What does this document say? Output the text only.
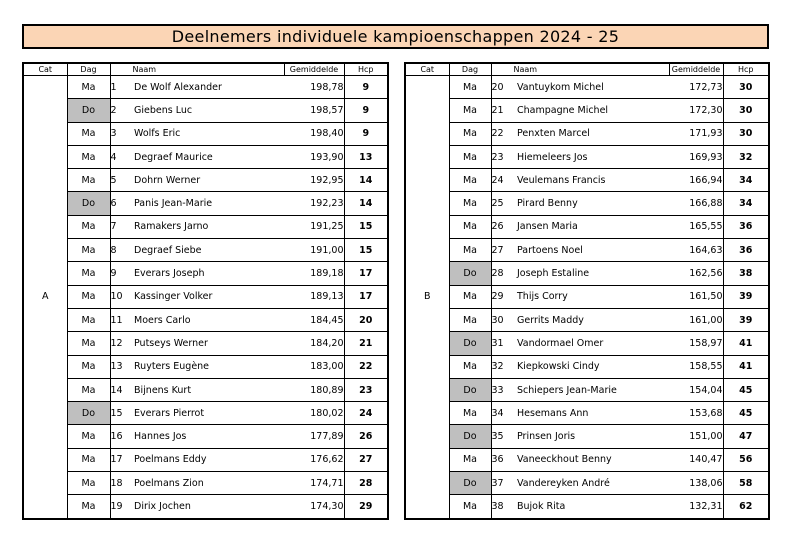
Deelnemers individuele kampioenschappen 2024 - 25
Cat	Dag	Naam		Gemiddelde	Hcp
A	Ma	1	De Wolf Alexander	198,78	9
	Do	2	Giebens Luc	198,57	9
	Ma	3	Wolfs Eric	198,40	9
	Ma	4	Degraef Maurice	193,90	13
	Ma	5	Dohrn Werner	192,95	14
	Do	6	Panis Jean-Marie	192,23	14
	Ma	7	Ramakers Jarno	191,25	15
	Ma	8	Degraef Siebe	191,00	15
	Ma	9	Everars Joseph	189,18	17
	Ma	10	Kassinger Volker	189,13	17
	Ma	11	Moers Carlo	184,45	20
	Ma	12	Putseys Werner	184,20	21
	Ma	13	Ruyters Eugène	183,00	22
	Ma	14	Bijnens Kurt	180,89	23
	Do	15	Everars Pierrot	180,02	24
	Ma	16	Hannes Jos	177,89	26
	Ma	17	Poelmans Eddy	176,62	27
	Ma	18	Poelmans Zion	174,71	28
	Ma	19	Dirix Jochen	174,30	29
Cat	Dag	Naam		Gemiddelde	Hcp
B	Ma	20	Vantuykom Michel	172,73	30
	Ma	21	Champagne Michel	172,30	30
	Ma	22	Penxten Marcel	171,93	30
	Ma	23	Hiemeleers Jos	169,93	32
	Ma	24	Veulemans Francis	166,94	34
	Ma	25	Pirard Benny	166,88	34
	Ma	26	Jansen Maria	165,55	36
	Ma	27	Partoens Noel	164,63	36
	Do	28	Joseph Estaline	162,56	38
	Ma	29	Thijs Corry	161,50	39
	Ma	30	Gerrits Maddy	161,00	39
	Do	31	Vandormael Omer	158,97	41
	Ma	32	Kiepkowski Cindy	158,55	41
	Do	33	Schiepers Jean-Marie	154,04	45
	Ma	34	Hesemans Ann	153,68	45
	Do	35	Prinsen Joris	151,00	47
	Ma	36	Vaneeckhout Benny	140,47	56
	Do	37	Vandereyken André	138,06	58
	Ma	38	Bujok Rita	132,31	62
